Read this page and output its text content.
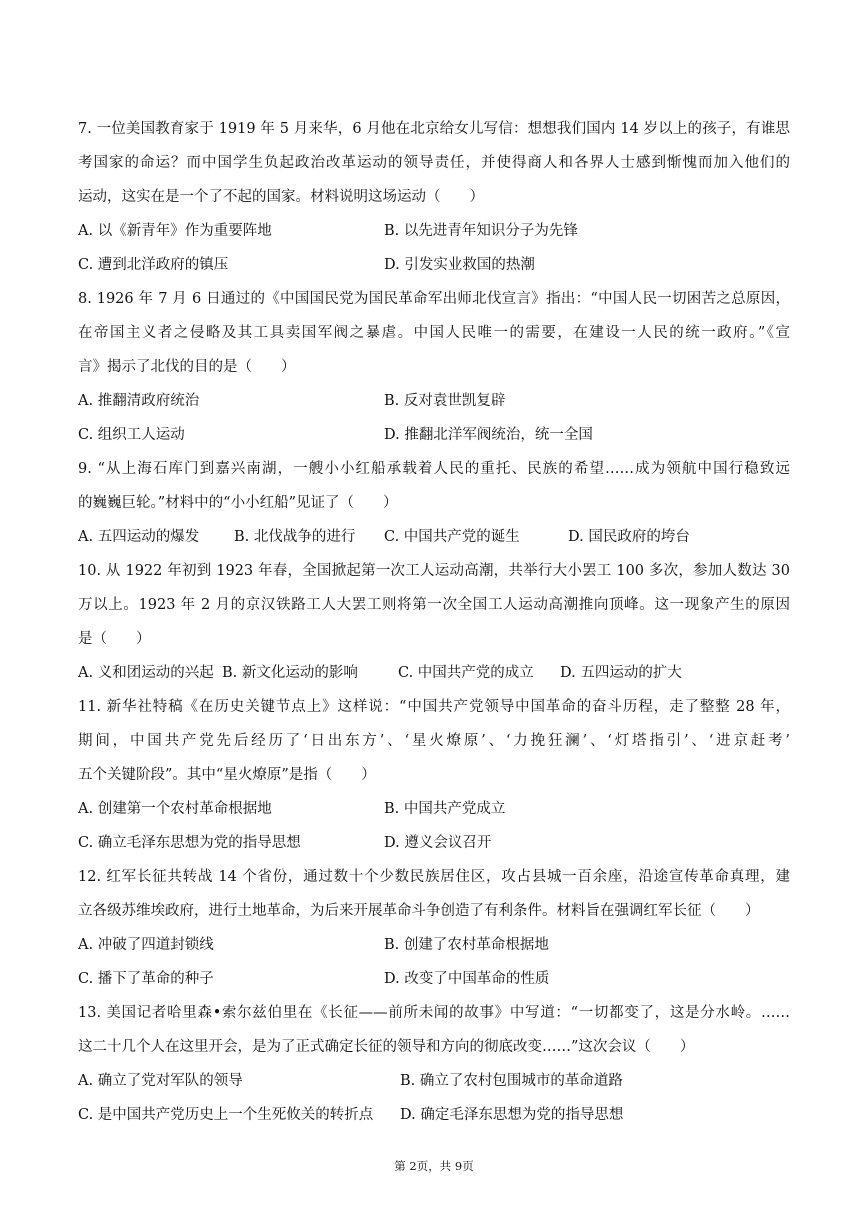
7. 一位美国教育家于 1919 年 5 月来华，6 月他在北京给女儿写信：想想我们国内 14 岁以上的孩子，有谁思
考国家的命运？而中国学生负起政治改革运动的领导责任，并使得商人和各界人士感到惭愧而加入他们的
运动，这实在是一个了不起的国家。材料说明这场运动（　　）
A. 以《新青年》作为重要阵地	B. 以先进青年知识分子为先锋
C. 遭到北洋政府的镇压	D. 引发实业救国的热潮
8. 1926 年 7 月 6 日通过的《中国国民党为国民革命军出师北伐宣言》指出：“中国人民一切困苦之总原因，
在帝国主义者之侵略及其工具卖国军阀之暴虐。中国人民唯一的需要，在建设一人民的统一政府。”《宣
言》揭示了北伐的目的是（　　）
A. 推翻清政府统治	B. 反对袁世凯复辟
C. 组织工人运动	D. 推翻北洋军阀统治，统一全国
9. “从上海石库门到嘉兴南湖，一艘小小红船承载着人民的重托、民族的希望……成为领航中国行稳致远
的巍巍巨轮。”材料中的“小小红船”见证了（　　）
A. 五四运动的爆发	B. 北伐战争的进行	C. 中国共产党的诞生	D. 国民政府的垮台
10. 从 1922 年初到 1923 年春，全国掀起第一次工人运动高潮，共举行大小罢工 100 多次，参加人数达 30
万以上。1923 年 2 月的京汉铁路工人大罢工则将第一次全国工人运动高潮推向顶峰。这一现象产生的原因
是（　　）
A. 义和团运动的兴起 B. 新文化运动的影响	C. 中国共产党的成立	D. 五四运动的扩大
11. 新华社特稿《在历史关键节点上》这样说：“中国共产党领导中国革命的奋斗历程，走了整整 28 年，
期间，中国共产党先后经历了‘日出东方’、‘星火燎原’、‘力挽狂澜’、‘灯塔指引’、‘进京赶考’
五个关键阶段”。其中“星火燎原”是指（　　）
A. 创建第一个农村革命根据地	B. 中国共产党成立
C. 确立毛泽东思想为党的指导思想	D. 遵义会议召开
12. 红军长征共转战 14 个省份，通过数十个少数民族居住区，攻占县城一百余座，沿途宣传革命真理，建
立各级苏维埃政府，进行土地革命，为后来开展革命斗争创造了有利条件。材料旨在强调红军长征（　　）
A. 冲破了四道封锁线	B. 创建了农村革命根据地
C. 播下了革命的种子	D. 改变了中国革命的性质
13. 美国记者哈里森•索尔兹伯里在《长征——前所未闻的故事》中写道：“一切都变了，这是分水岭。……
这二十几个人在这里开会，是为了正式确定长征的领导和方向的彻底改变……”这次会议（　　）
A. 确立了党对军队的领导	B. 确立了农村包围城市的革命道路
C. 是中国共产党历史上一个生死攸关的转折点	D. 确定毛泽东思想为党的指导思想
第 2页，共 9页
